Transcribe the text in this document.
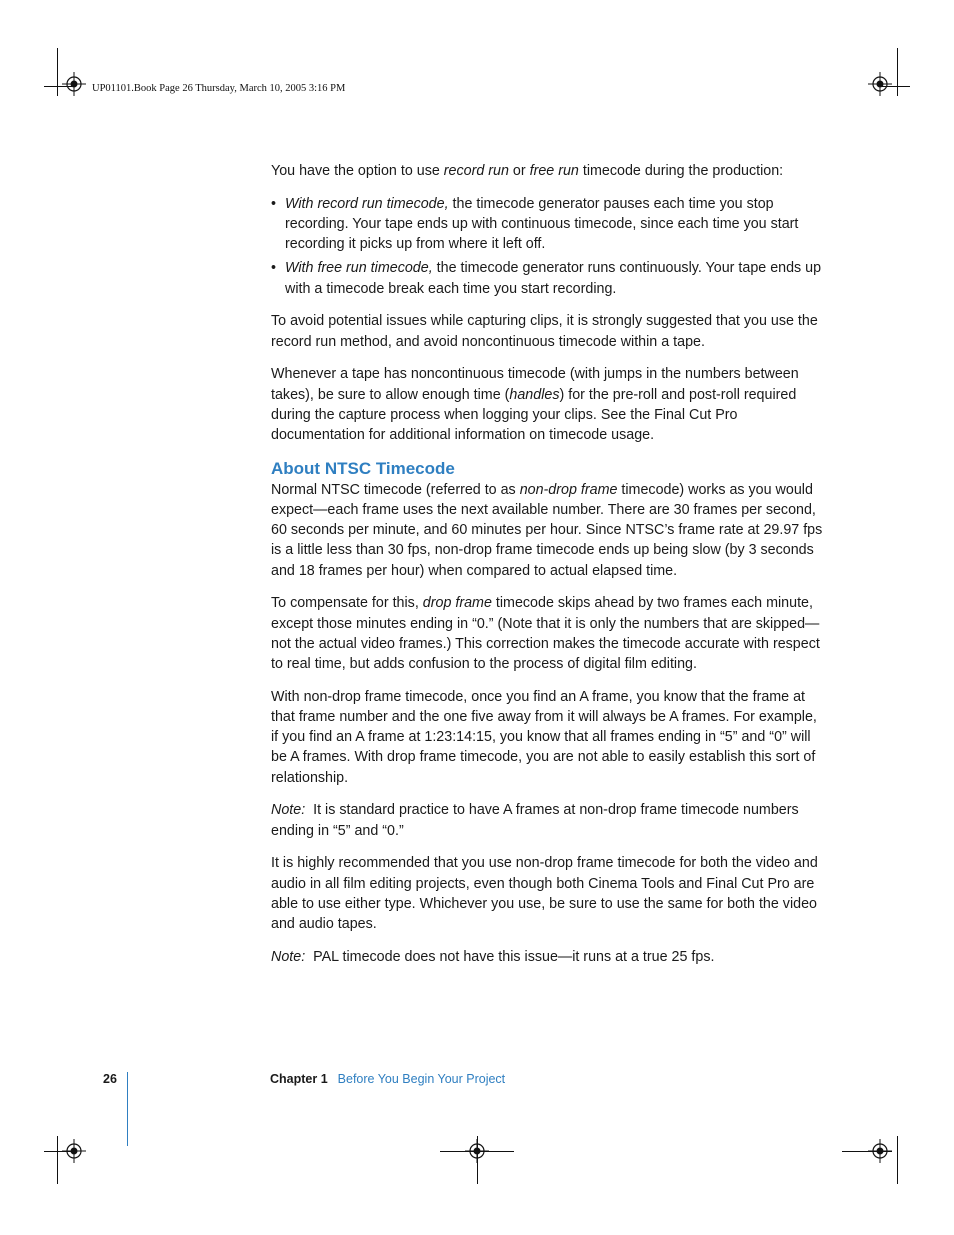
UP01101.Book Page 26 Thursday, March 10, 2005 3:16 PM

You have the option to use record run or free run timecode during the production:

• With record run timecode, the timecode generator pauses each time you stop recording. Your tape ends up with continuous timecode, since each time you start recording it picks up from where it left off.
• With free run timecode, the timecode generator runs continuously. Your tape ends up with a timecode break each time you start recording.

To avoid potential issues while capturing clips, it is strongly suggested that you use the record run method, and avoid noncontinuous timecode within a tape.

Whenever a tape has noncontinuous timecode (with jumps in the numbers between takes), be sure to allow enough time (handles) for the pre-roll and post-roll required during the capture process when logging your clips. See the Final Cut Pro documentation for additional information on timecode usage.

About NTSC Timecode

Normal NTSC timecode (referred to as non-drop frame timecode) works as you would expect—each frame uses the next available number. There are 30 frames per second, 60 seconds per minute, and 60 minutes per hour. Since NTSC’s frame rate at 29.97 fps is a little less than 30 fps, non-drop frame timecode ends up being slow (by 3 seconds and 18 frames per hour) when compared to actual elapsed time.

To compensate for this, drop frame timecode skips ahead by two frames each minute, except those minutes ending in “0.” (Note that it is only the numbers that are skipped—not the actual video frames.) This correction makes the timecode accurate with respect to real time, but adds confusion to the process of digital film editing.

With non-drop frame timecode, once you find an A frame, you know that the frame at that frame number and the one five away from it will always be A frames. For example, if you find an A frame at 1:23:14:15, you know that all frames ending in “5” and “0” will be A frames. With drop frame timecode, you are not able to easily establish this sort of relationship.

Note:  It is standard practice to have A frames at non-drop frame timecode numbers ending in “5” and “0.”

It is highly recommended that you use non-drop frame timecode for both the video and audio in all film editing projects, even though both Cinema Tools and Final Cut Pro are able to use either type. Whichever you use, be sure to use the same for both the video and audio tapes.

Note:  PAL timecode does not have this issue—it runs at a true 25 fps.

26	Chapter 1 Before You Begin Your Project
